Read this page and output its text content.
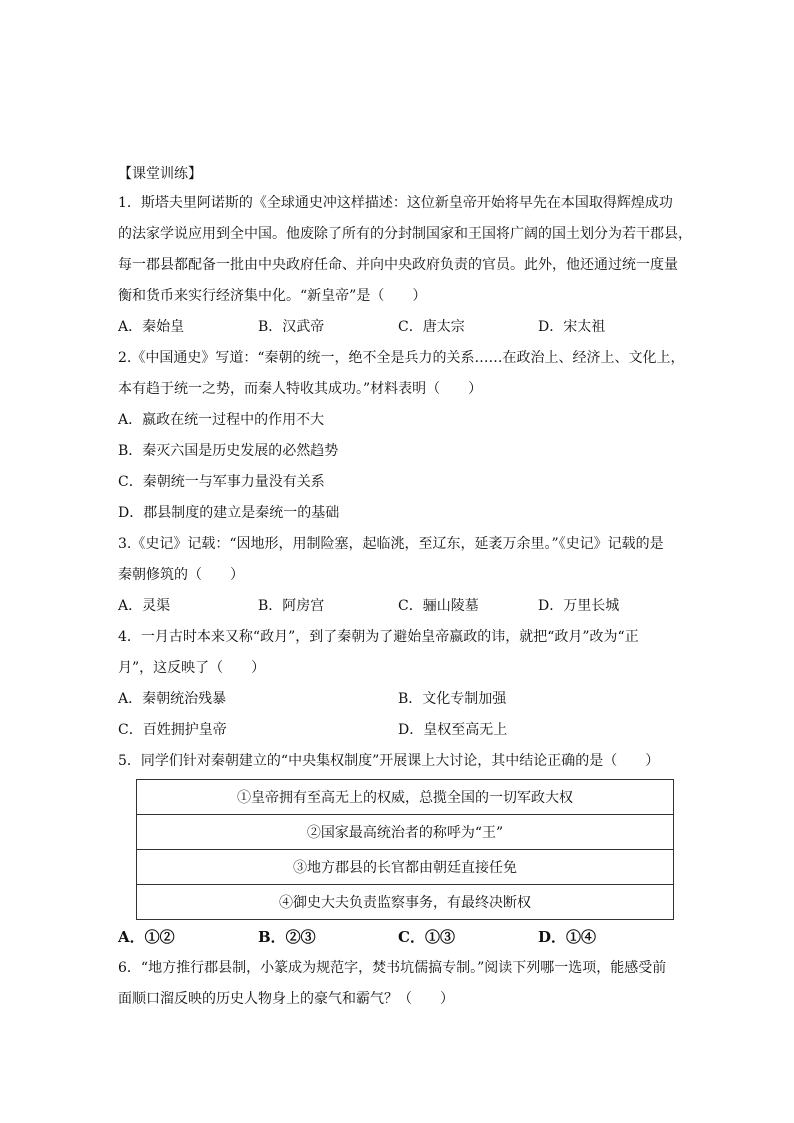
【课堂训练】
1．斯塔夫里阿诺斯的《全球通史冲这样描述：这位新皇帝开始将早先在本国取得辉煌成功
的法家学说应用到全中国。他废除了所有的分封制国家和王国将广阔的国土划分为若干郡县，
每一郡县都配备一批由中央政府任命、并向中央政府负责的官员。此外，他还通过统一度量
衡和货币来实行经济集中化。“新皇帝”是（　　）
A．秦始皇	B．汉武帝	C．唐太宗	D．宋太祖
2.《中国通史》写道：“秦朝的统一，绝不全是兵力的关系……在政治上、经济上、文化上，
本有趋于统一之势，而秦人特收其成功。”材料表明（　　）
A．嬴政在统一过程中的作用不大
B．秦灭六国是历史发展的必然趋势
C．秦朝统一与军事力量没有关系
D．郡县制度的建立是秦统一的基础
3.《史记》记载：“因地形，用制险塞，起临洮，至辽东，延袤万余里。”《史记》记载的是
秦朝修筑的（　　）
A．灵渠	B．阿房宫	C．骊山陵墓	D．万里长城
4．一月古时本来又称“政月”，到了秦朝为了避始皇帝嬴政的讳，就把“政月”改为“正
月”，这反映了（　　）
A．秦朝统治残暴	B．文化专制加强
C．百姓拥护皇帝	D．皇权至高无上
5．同学们针对秦朝建立的“中央集权制度”开展课上大讨论，其中结论正确的是（　　）
①皇帝拥有至高无上的权威，总揽全国的一切军政大权
②国家最高统治者的称呼为“王”
③地方郡县的长官都由朝廷直接任免
④御史大夫负责监察事务，有最终决断权
A．①②	B．②③	C．①③	D．①④
6．“地方推行郡县制，小篆成为规范字，焚书坑儒搞专制。”阅读下列哪一选项，能感受前
面顺口溜反映的历史人物身上的豪气和霸气？（　　）
